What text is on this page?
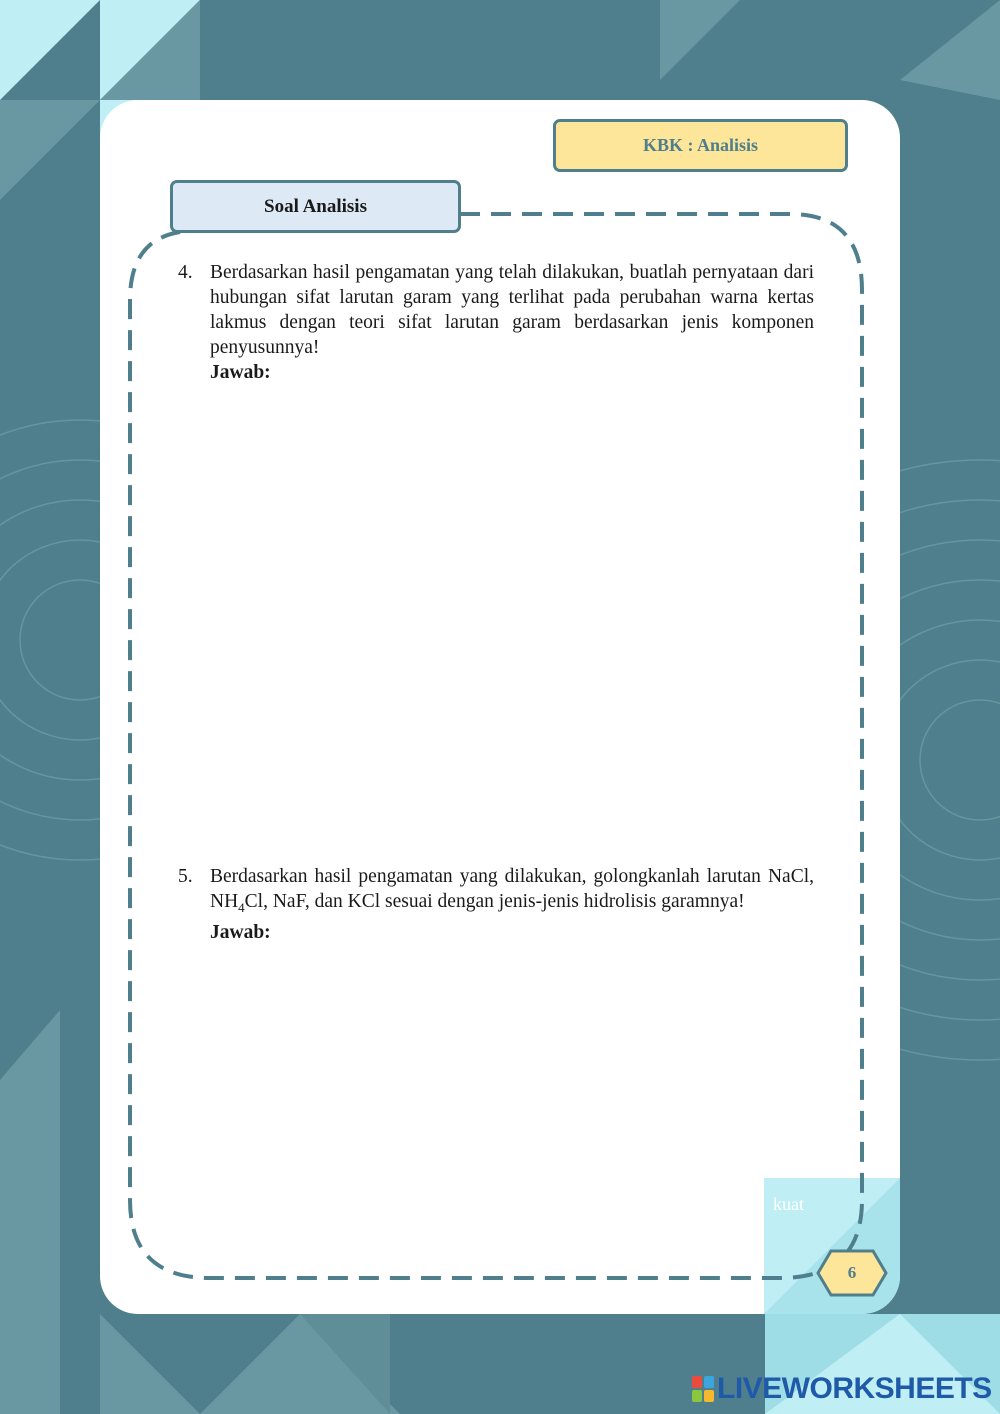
KBK : Analisis
Soal Analisis
4. Berdasarkan hasil pengamatan yang telah dilakukan, buatlah pernyataan dari hubungan sifat larutan garam yang terlihat pada perubahan warna kertas lakmus dengan teori sifat larutan garam berdasarkan jenis komponen penyusunnya!
Jawab:
5. Berdasarkan hasil pengamatan yang dilakukan, golongkanlah larutan NaCl, $NH_4Cl$, NaF, dan KCl sesuai dengan jenis-jenis hidrolisis garamnya!
Jawab:
kuat
6
LIVEWORKSHEETS
